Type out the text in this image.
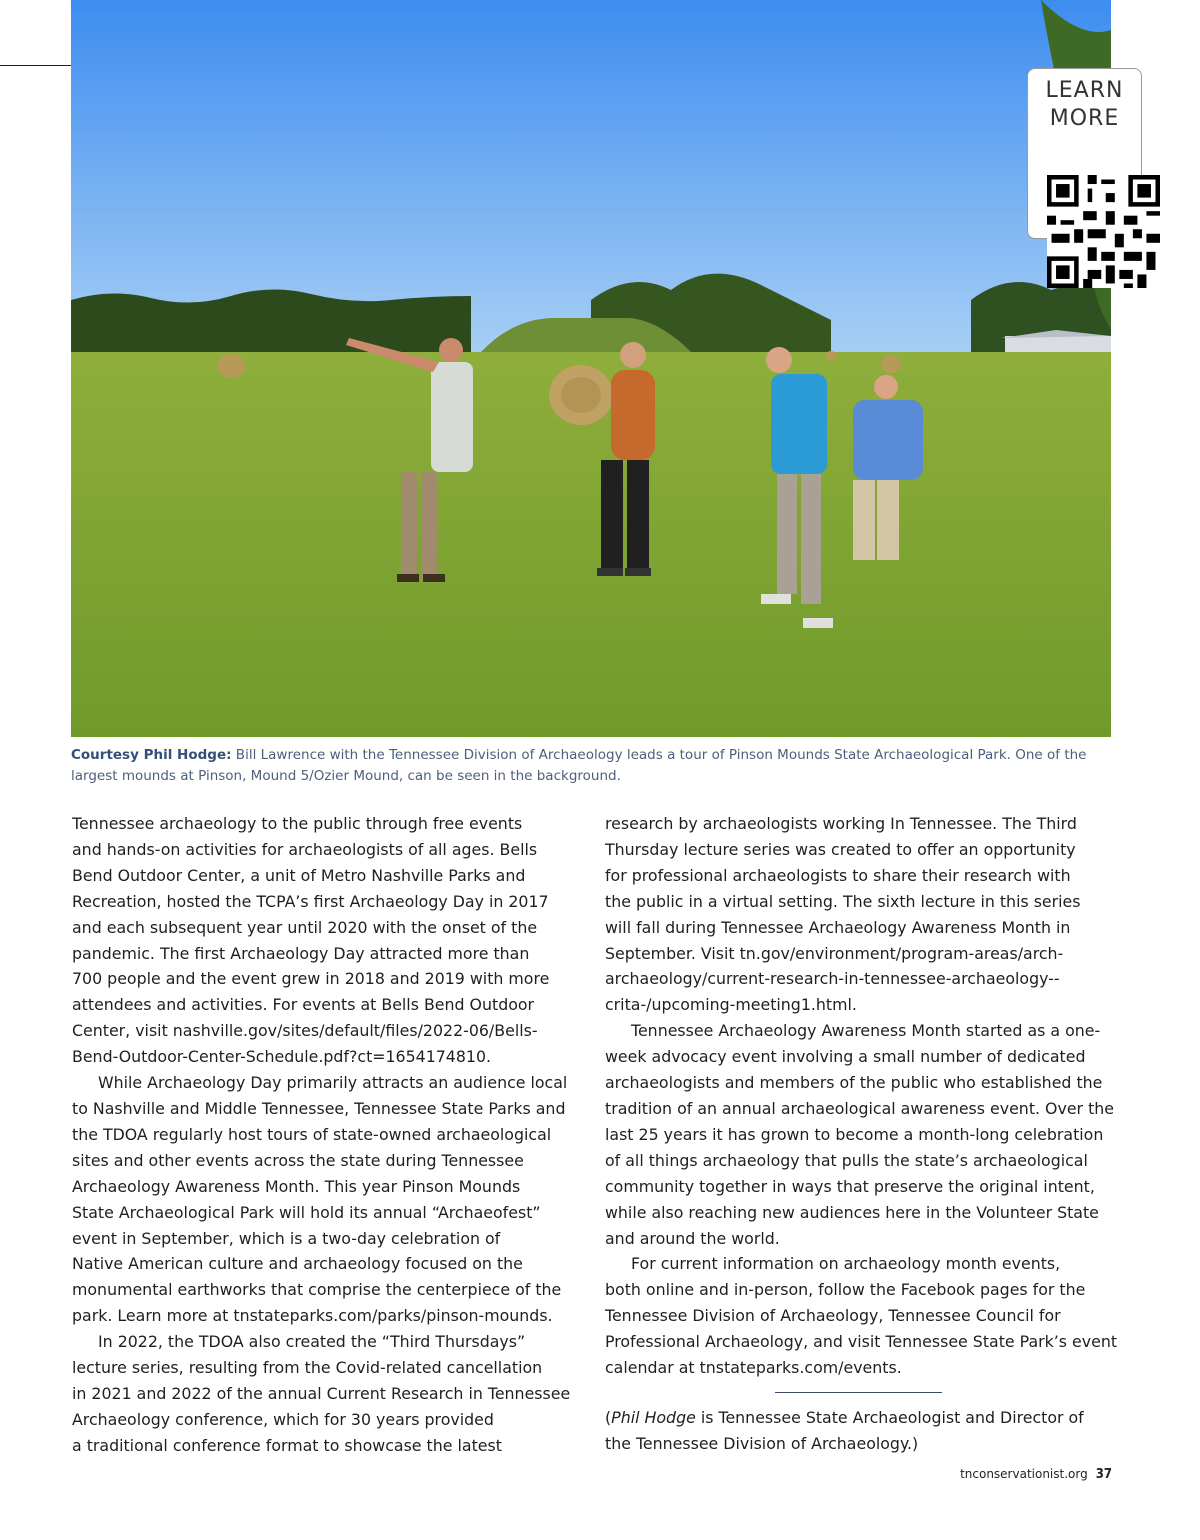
LEARN
MORE
Courtesy Phil Hodge: Bill Lawrence with the Tennessee Division of Archaeology leads a tour of Pinson Mounds State Archaeological Park. One of the largest mounds at Pinson, Mound 5/Ozier Mound, can be seen in the background.

Tennessee archaeology to the public through free events
and hands-on activities for archaeologists of all ages. Bells
Bend Outdoor Center, a unit of Metro Nashville Parks and
Recreation, hosted the TCPA’s first Archaeology Day in 2017
and each subsequent year until 2020 with the onset of the
pandemic. The first Archaeology Day attracted more than
700 people and the event grew in 2018 and 2019 with more
attendees and activities. For events at Bells Bend Outdoor
Center, visit nashville.gov/sites/default/files/2022-06/Bells-
Bend-Outdoor-Center-Schedule.pdf?ct=1654174810.

While Archaeology Day primarily attracts an audience local
to Nashville and Middle Tennessee, Tennessee State Parks and
the TDOA regularly host tours of state-owned archaeological
sites and other events across the state during Tennessee
Archaeology Awareness Month. This year Pinson Mounds
State Archaeological Park will hold its annual “Archaeofest”
event in September, which is a two-day celebration of
Native American culture and archaeology focused on the
monumental earthworks that comprise the centerpiece of the
park. Learn more at tnstateparks.com/parks/pinson-mounds.

In 2022, the TDOA also created the “Third Thursdays”
lecture series, resulting from the Covid-related cancellation
in 2021 and 2022 of the annual Current Research in Tennessee
Archaeology conference, which for 30 years provided
a traditional conference format to showcase the latest

research by archaeologists working In Tennessee. The Third
Thursday lecture series was created to offer an opportunity
for professional archaeologists to share their research with
the public in a virtual setting. The sixth lecture in this series
will fall during Tennessee Archaeology Awareness Month in
September. Visit tn.gov/environment/program-areas/arch-
archaeology/current-research-in-tennessee-archaeology--
crita-/upcoming-meeting1.html.

Tennessee Archaeology Awareness Month started as a one-
week advocacy event involving a small number of dedicated
archaeologists and members of the public who established the
tradition of an annual archaeological awareness event. Over the
last 25 years it has grown to become a month-long celebration
of all things archaeology that pulls the state’s archaeological
community together in ways that preserve the original intent,
while also reaching new audiences here in the Volunteer State
and around the world.

For current information on archaeology month events,
both online and in-person, follow the Facebook pages for the
Tennessee Division of Archaeology, Tennessee Council for
Professional Archaeology, and visit Tennessee State Park’s event
calendar at tnstateparks.com/events.

(Phil Hodge is Tennessee State Archaeologist and Director of
the Tennessee Division of Archaeology.)
tnconservationist.org 37
